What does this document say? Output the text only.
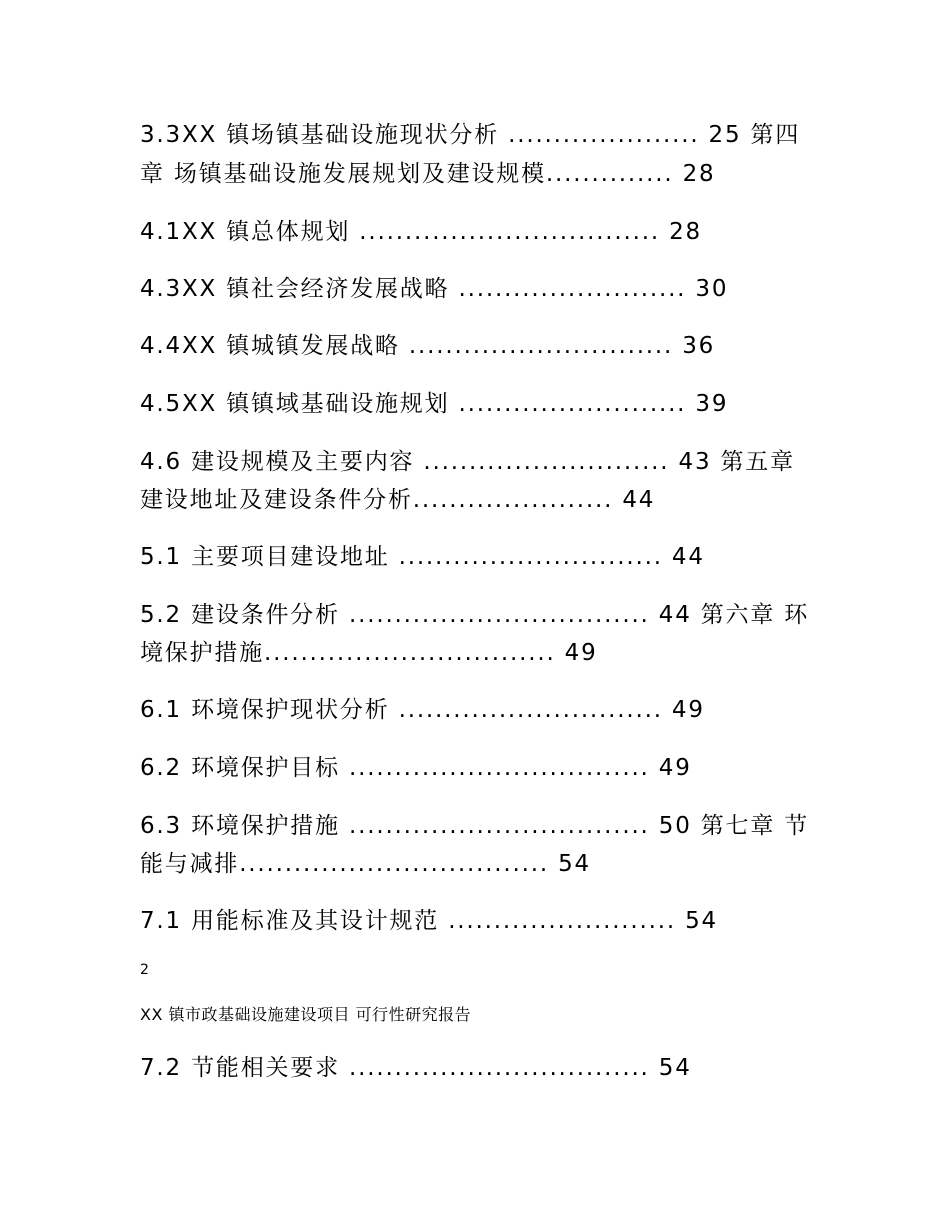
3.3XX 镇场镇基础设施现状分析 ..................... 25 第四
章 场镇基础设施发展规划及建设规模.............. 28
4.1XX 镇总体规划 ................................. 28
4.3XX 镇社会经济发展战略 ......................... 30
4.4XX 镇城镇发展战略 ............................. 36
4.5XX 镇镇域基础设施规划 ......................... 39
4.6 建设规模及主要内容 ........................... 43 第五章
建设地址及建设条件分析...................... 44
5.1 主要项目建设地址 ............................. 44
5.2 建设条件分析 ................................. 44 第六章 环
境保护措施................................ 49
6.1 环境保护现状分析 ............................. 49
6.2 环境保护目标 ................................. 49
6.3 环境保护措施 ................................. 50 第七章 节
能与减排.................................. 54
7.1 用能标准及其设计规范 ......................... 54
2
XX 镇市政基础设施建设项目 可行性研究报告
7.2 节能相关要求 ................................. 54
